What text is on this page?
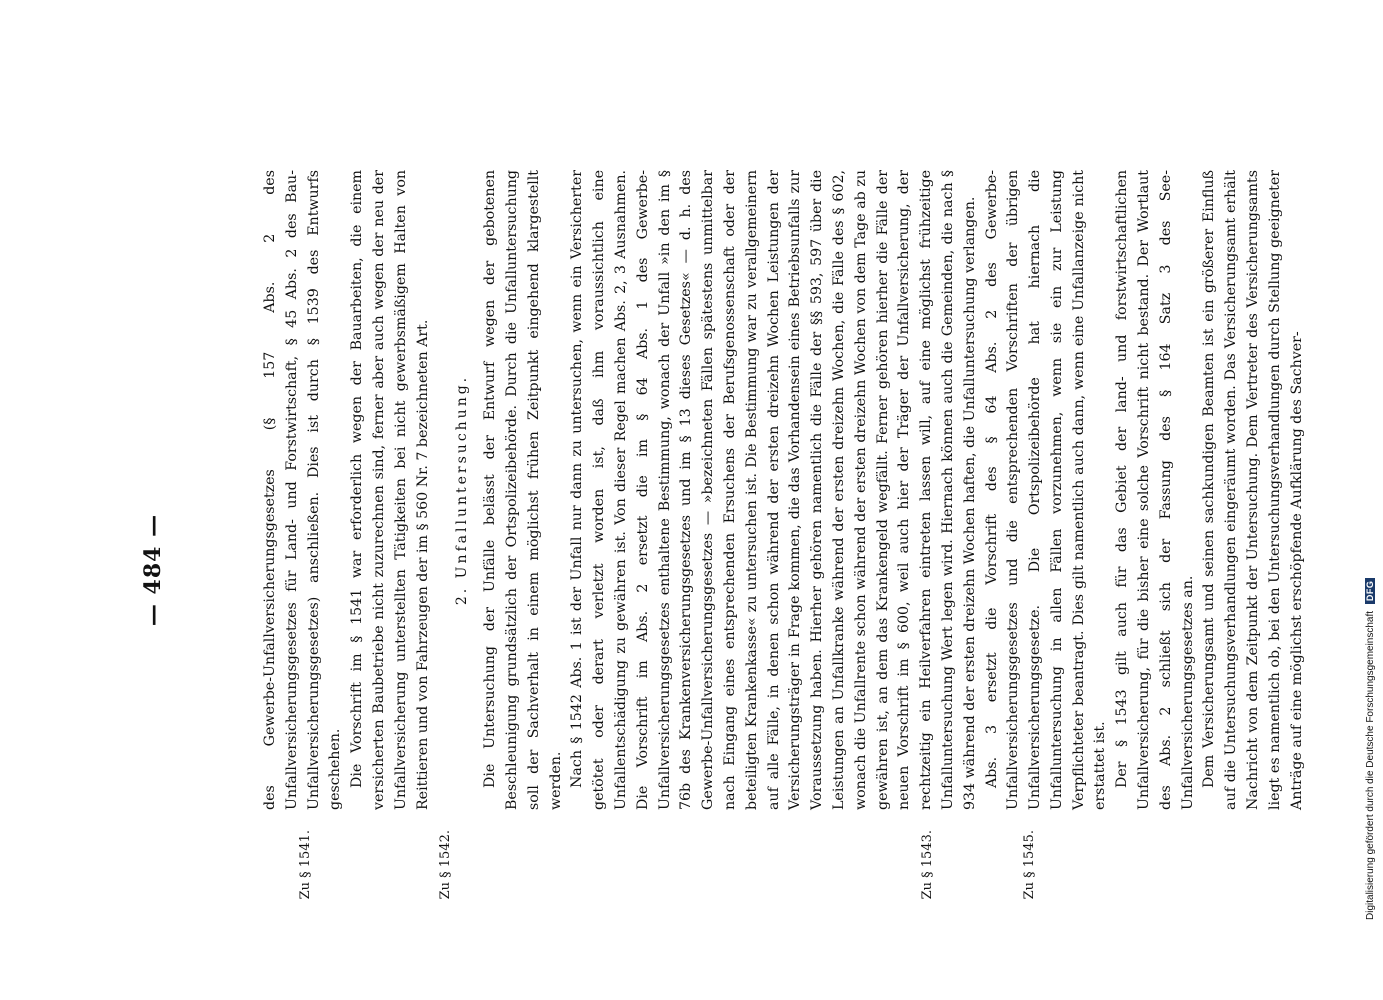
— 484 —
Zu § 1541.	Zu § 1542.	Zu § 1543.	Zu § 1545.

des Gewerbe-Unfallversicherungsgesetzes (§ 157 Abs. 2 des Unfallversicherungsgesetzes für Land- und Forstwirtschaft, § 45 Abs. 2 des Bau-Unfallversicherungsgesetzes) anschließen. Dies ist durch § 1539 des Entwurfs geschehen. Die Vorschrift im § 1541 war erforderlich wegen der Bauarbeiten, die einem versicherten Baubetriebe nicht zuzurechnen sind, ferner aber auch wegen der neu der Unfallversicherung unterstellten Tätigkeiten bei nicht gewerbsmäßigem Halten von Reittieren und von Fahrzeugen der im § 560 Nr. 7 bezeichneten Art. 2. Unfalluntersuchung. Die Untersuchung der Unfälle belässt der Entwurf wegen der gebotenen Beschleunigung grundsätzlich der Ortspolizeibehörde. Durch die Unfalluntersuchung soll der Sachverhalt in einem möglichst frühen Zeitpunkt eingehend klargestellt werden. Nach § 1542 Abs. 1 ist der Unfall nur dann zu untersuchen, wenn ein Versicherter getötet oder derart verletzt worden ist, daß ihm voraussichtlich eine Unfallentschädigung zu gewähren ist. Von dieser Regel machen Abs. 2, 3 Ausnahmen. Die Vorschrift im Abs. 2 ersetzt die im § 64 Abs. 1 des Gewerbe-Unfallversicherungsgesetzes enthaltene Bestimmung, wonach der Unfall »in den im § 76b des Krankenversicherungsgesetzes und im § 13 dieses Gesetzes« — d. h. des Gewerbe-Unfallversicherungsgesetzes — »bezeichneten Fällen spätestens unmittelbar nach Eingang eines entsprechenden Ersuchens der Berufsgenossenschaft oder der beteiligten Krankenkasse« zu untersuchen ist. Die Bestimmung war zu verallgemeinern auf alle Fälle, in denen schon während der ersten dreizehn Wochen Leistungen der Versicherungsträger in Frage kommen, die das Vorhandensein eines Betriebsunfalls zur Voraussetzung haben. Hierher gehören namentlich die Fälle der §§ 593, 597 über die Leistungen an Unfallkranke während der ersten dreizehn Wochen, die Fälle des § 602, wonach die Unfallrente schon während der ersten dreizehn Wochen von dem Tage ab zu gewähren ist, an dem das Krankengeld wegfällt. Ferner gehören hierher die Fälle der neuen Vorschrift im § 600, weil auch hier der Träger der Unfallversicherung, der rechtzeitig ein Heilverfahren eintreten lassen will, auf eine möglichst frühzeitige Unfalluntersuchung Wert legen wird. Hiernach können auch die Gemeinden, die nach § 934 während der ersten dreizehn Wochen haften, die Unfalluntersuchung verlangen. Abs. 3 ersetzt die Vorschrift des § 64 Abs. 2 des Gewerbe-Unfallversicherungsgesetzes und die entsprechenden Vorschriften der übrigen Unfallversicherungsgesetze. Die Ortspolizeibehörde hat hiernach die Unfalluntersuchung in allen Fällen vorzunehmen, wenn sie ein zur Leistung Verpflichteter beantragt. Dies gilt namentlich auch dann, wenn eine Unfallanzeige nicht erstattet ist. Der § 1543 gilt auch für das Gebiet der land- und forstwirtschaftlichen Unfallversicherung, für die bisher eine solche Vorschrift nicht bestand. Der Wortlaut des Abs. 2 schließt sich der Fassung des § 164 Satz 3 des See-Unfallversicherungsgesetzes an. Dem Versicherungsamt und seinen sachkundigen Beamten ist ein größerer Einfluß auf die Untersuchungsverhandlungen eingeräumt worden. Das Versicherungsamt erhält Nachricht von dem Zeitpunkt der Untersuchung. Dem Vertreter des Versicherungsamts liegt es namentlich ob, bei den Untersuchungsverhandlungen durch Stellung geeigneter Anträge auf eine möglichst erschöpfende Aufklärung des Sachver-	Digitalisierung gefördert durch die Deutsche Forschungsgemeinschaft DFG
